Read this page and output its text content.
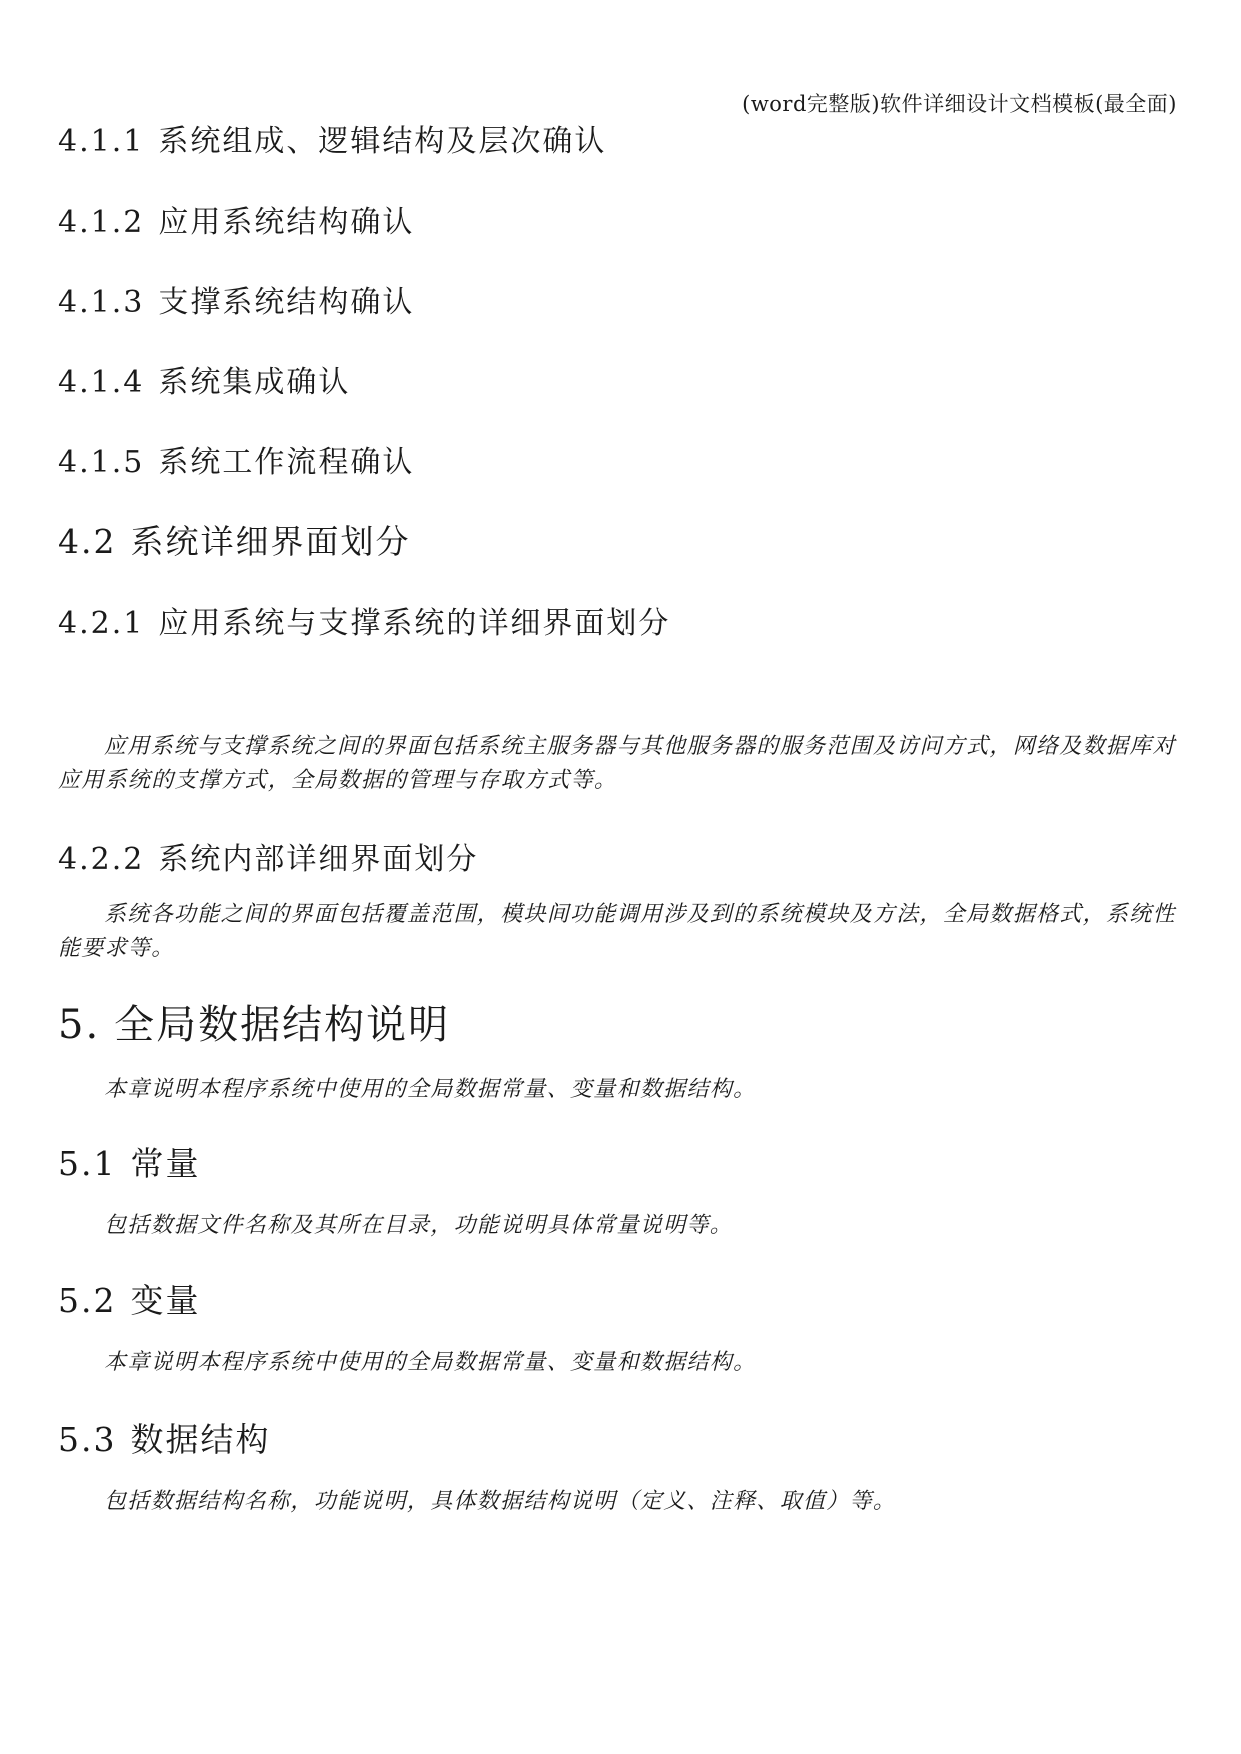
(word完整版)软件详细设计文档模板(最全面)
4.1.1 系统组成、逻辑结构及层次确认
4.1.2 应用系统结构确认
4.1.3 支撑系统结构确认
4.1.4 系统集成确认
4.1.5 系统工作流程确认
4.2 系统详细界面划分
4.2.1 应用系统与支撑系统的详细界面划分

应用系统与支撑系统之间的界面包括系统主服务器与其他服务器的服务范围及访问方式，网络及数据库对应用系统的支撑方式，全局数据的管理与存取方式等。

4.2.2 系统内部详细界面划分

系统各功能之间的界面包括覆盖范围，模块间功能调用涉及到的系统模块及方法，全局数据格式，系统性能要求等。

5. 全局数据结构说明

本章说明本程序系统中使用的全局数据常量、变量和数据结构。

5.1 常量

包括数据文件名称及其所在目录，功能说明具体常量说明等。

5.2 变量

本章说明本程序系统中使用的全局数据常量、变量和数据结构。

5.3 数据结构

包括数据结构名称，功能说明，具体数据结构说明（定义、注释、取值）等。
